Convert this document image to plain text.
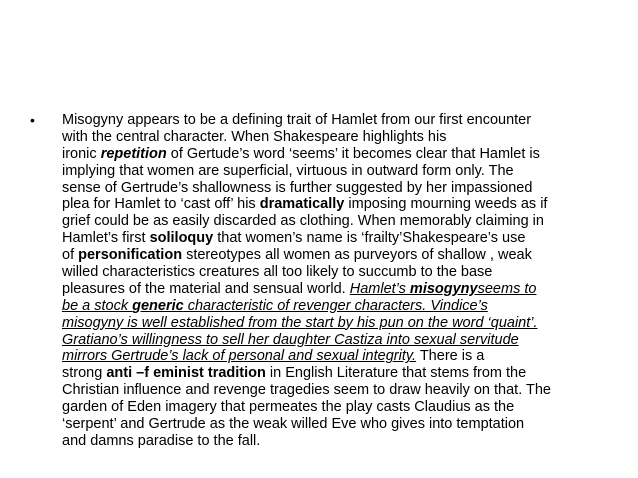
• Misogyny appears to be a defining trait of Hamlet from our first encounter
with the central character. When Shakespeare highlights his
ironic repetition of Gertude’s word ‘seems’ it becomes clear that Hamlet is
implying that women are superficial, virtuous in outward form only. The
sense of Gertrude’s shallowness is further suggested by her impassioned
plea for Hamlet to ‘cast off’ his dramatically imposing mourning weeds as if
grief could be as easily discarded as clothing. When memorably claiming in
Hamlet’s first soliloquy that women’s name is ‘frailty’Shakespeare’s use
of personification stereotypes all women as purveyors of shallow , weak
willed characteristics creatures all too likely to succumb to the base
pleasures of the material and sensual world. Hamlet’s misogynyseems to
be a stock generic characteristic of revenger characters. Vindice’s
misogyny is well established from the start by his pun on the word ‘quaint’.
Gratiano’s willingness to sell her daughter Castiza into sexual servitude
mirrors Gertrude’s lack of personal and sexual integrity. There is a
strong anti –f eminist tradition in English Literature that stems from the
Christian influence and revenge tragedies seem to draw heavily on that. The
garden of Eden imagery that permeates the play casts Claudius as the
‘serpent’ and Gertrude as the weak willed Eve who gives into temptation
and damns paradise to the fall.
